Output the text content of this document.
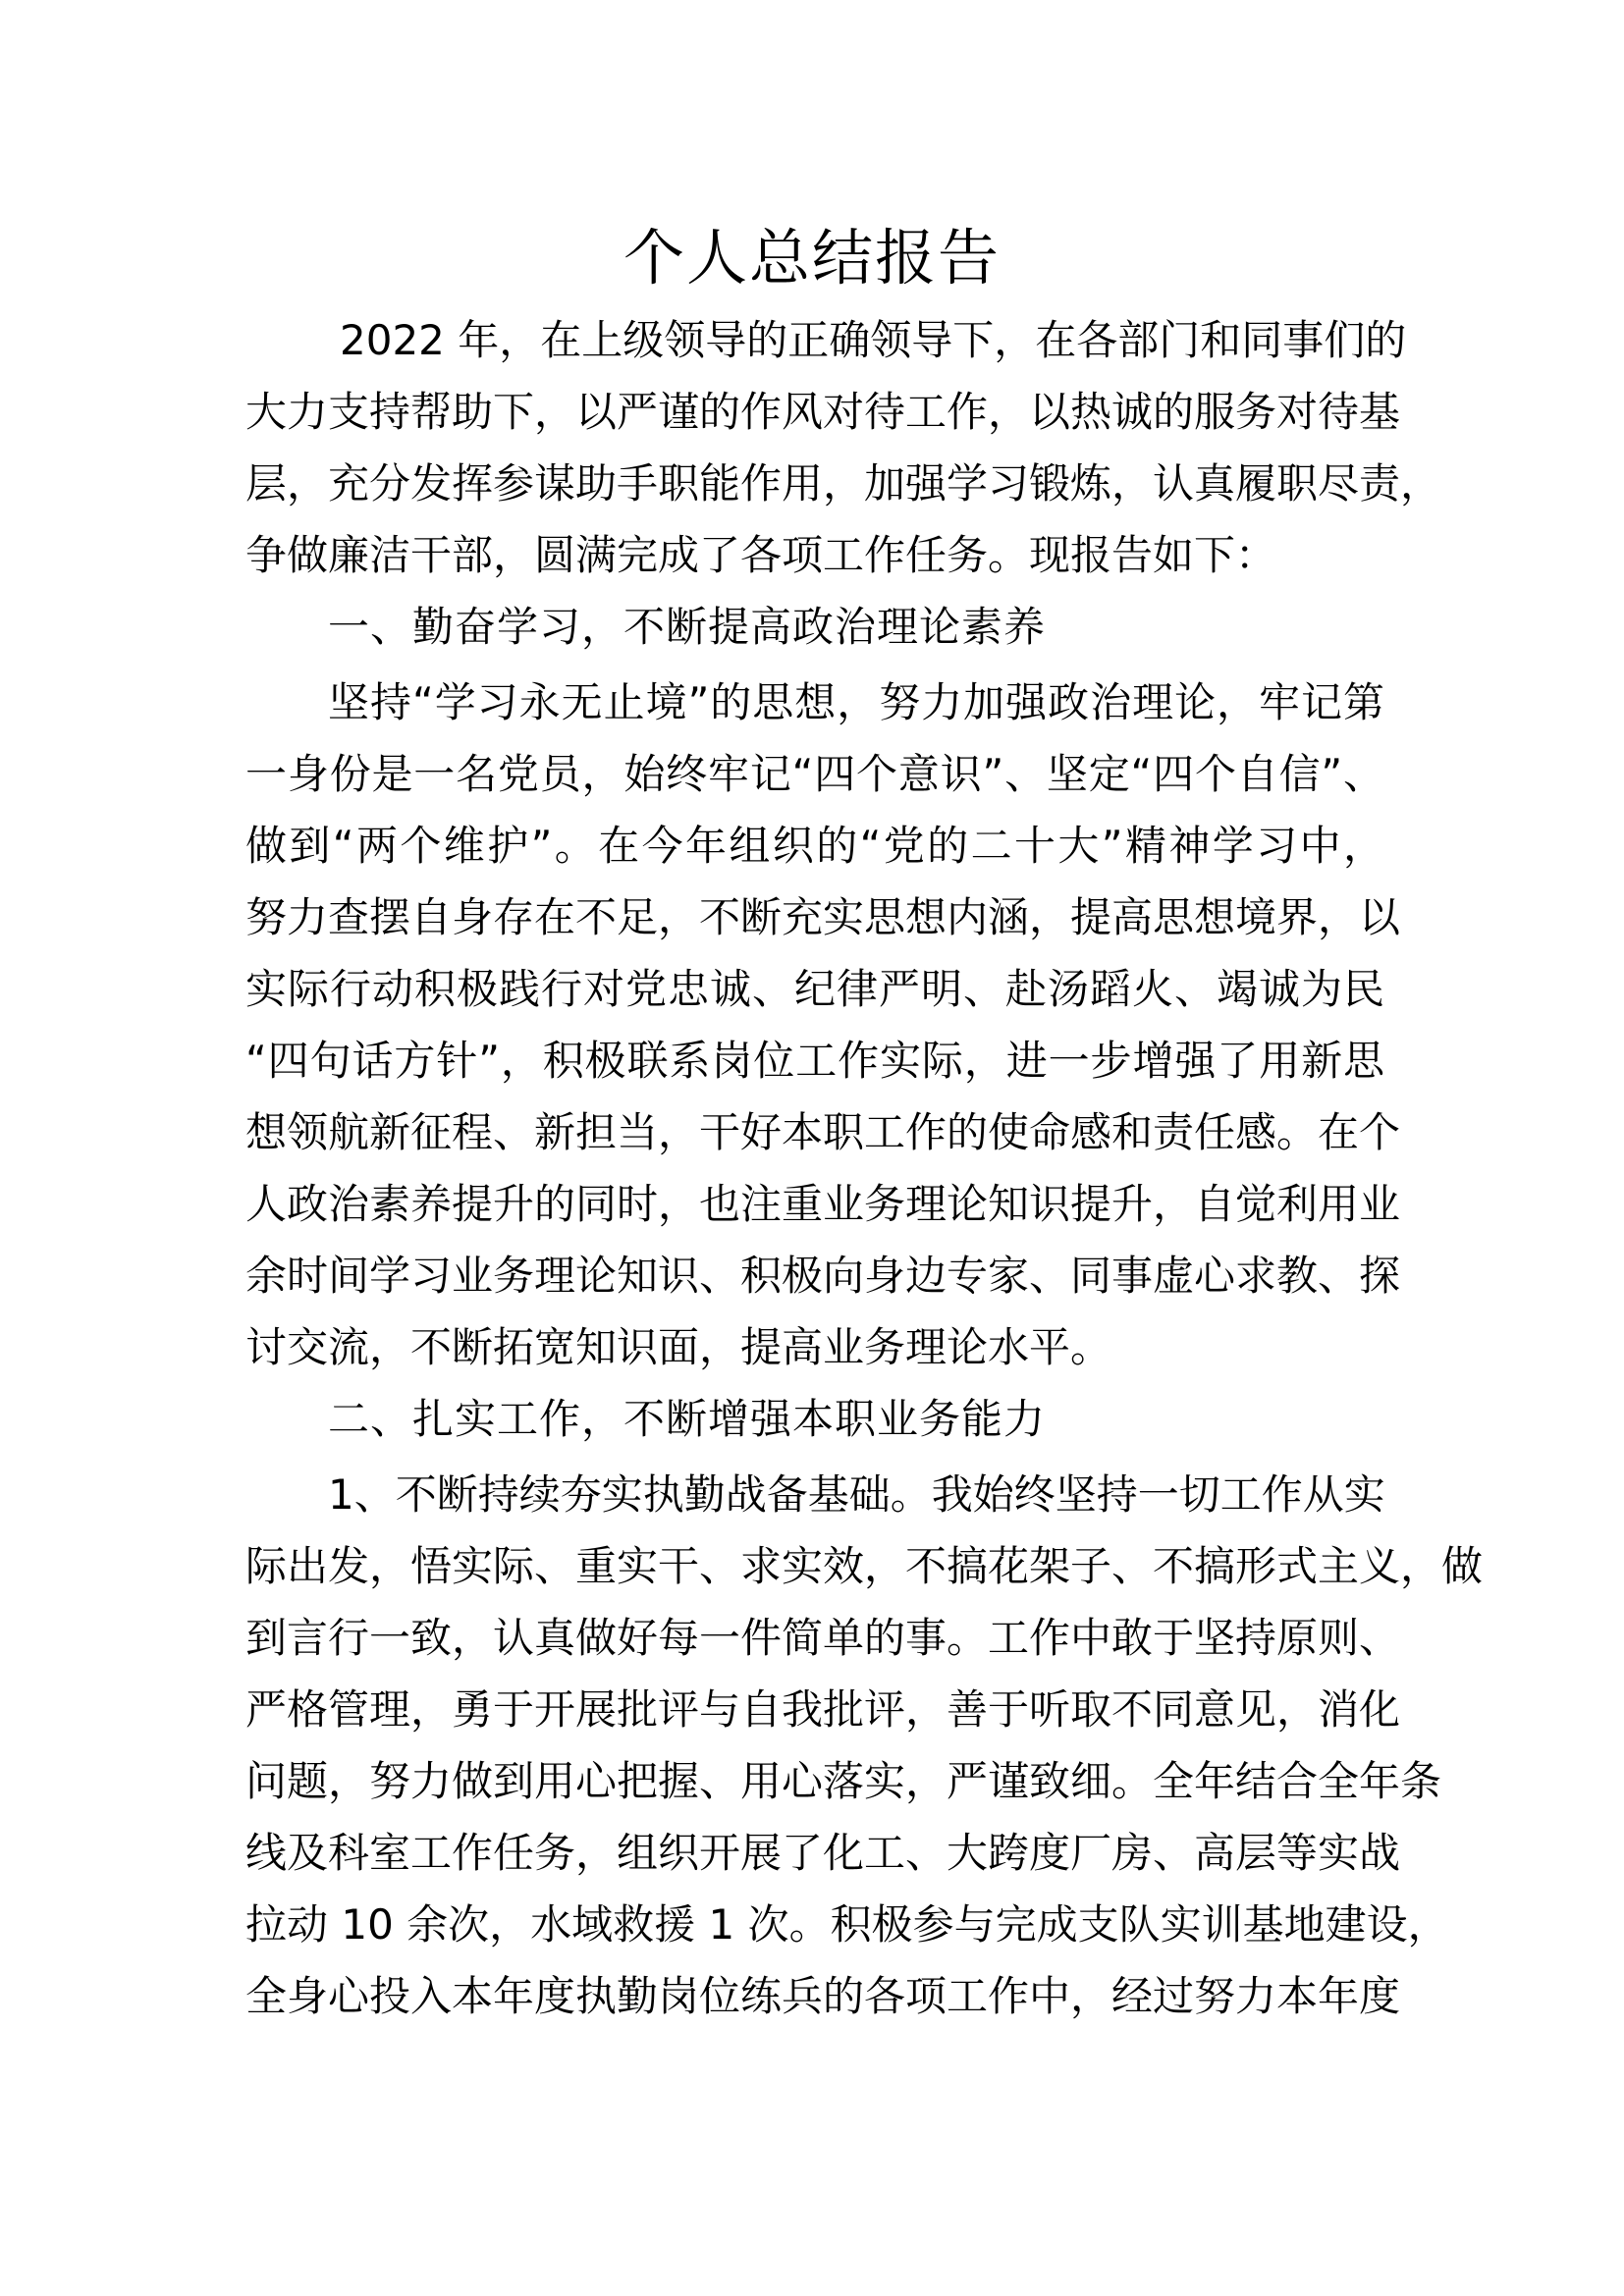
个人总结报告
2022 年，在上级领导的正确领导下，在各部门和同事们的
大力支持帮助下，以严谨的作风对待工作，以热诚的服务对待基
层，充分发挥参谋助手职能作用，加强学习锻炼，认真履职尽责，
争做廉洁干部，圆满完成了各项工作任务。现报告如下：
一、勤奋学习，不断提高政治理论素养
坚持“学习永无止境”的思想，努力加强政治理论，牢记第
一身份是一名党员，始终牢记“四个意识”、坚定“四个自信”、
做到“两个维护”。在今年组织的“党的二十大”精神学习中，
努力查摆自身存在不足，不断充实思想内涵，提高思想境界，以
实际行动积极践行对党忠诚、纪律严明、赴汤蹈火、竭诚为民
“四句话方针”，积极联系岗位工作实际，进一步增强了用新思
想领航新征程、新担当，干好本职工作的使命感和责任感。在个
人政治素养提升的同时，也注重业务理论知识提升，自觉利用业
余时间学习业务理论知识、积极向身边专家、同事虚心求教、探
讨交流，不断拓宽知识面，提高业务理论水平。
二、扎实工作，不断增强本职业务能力
1、不断持续夯实执勤战备基础。我始终坚持一切工作从实
际出发，悟实际、重实干、求实效，不搞花架子、不搞形式主义，做
到言行一致，认真做好每一件简单的事。工作中敢于坚持原则、
严格管理，勇于开展批评与自我批评，善于听取不同意见，消化
问题，努力做到用心把握、用心落实，严谨致细。全年结合全年条
线及科室工作任务，组织开展了化工、大跨度厂房、高层等实战
拉动 10 余次，水域救援 1 次。积极参与完成支队实训基地建设，
全身心投入本年度执勤岗位练兵的各项工作中，经过努力本年度
